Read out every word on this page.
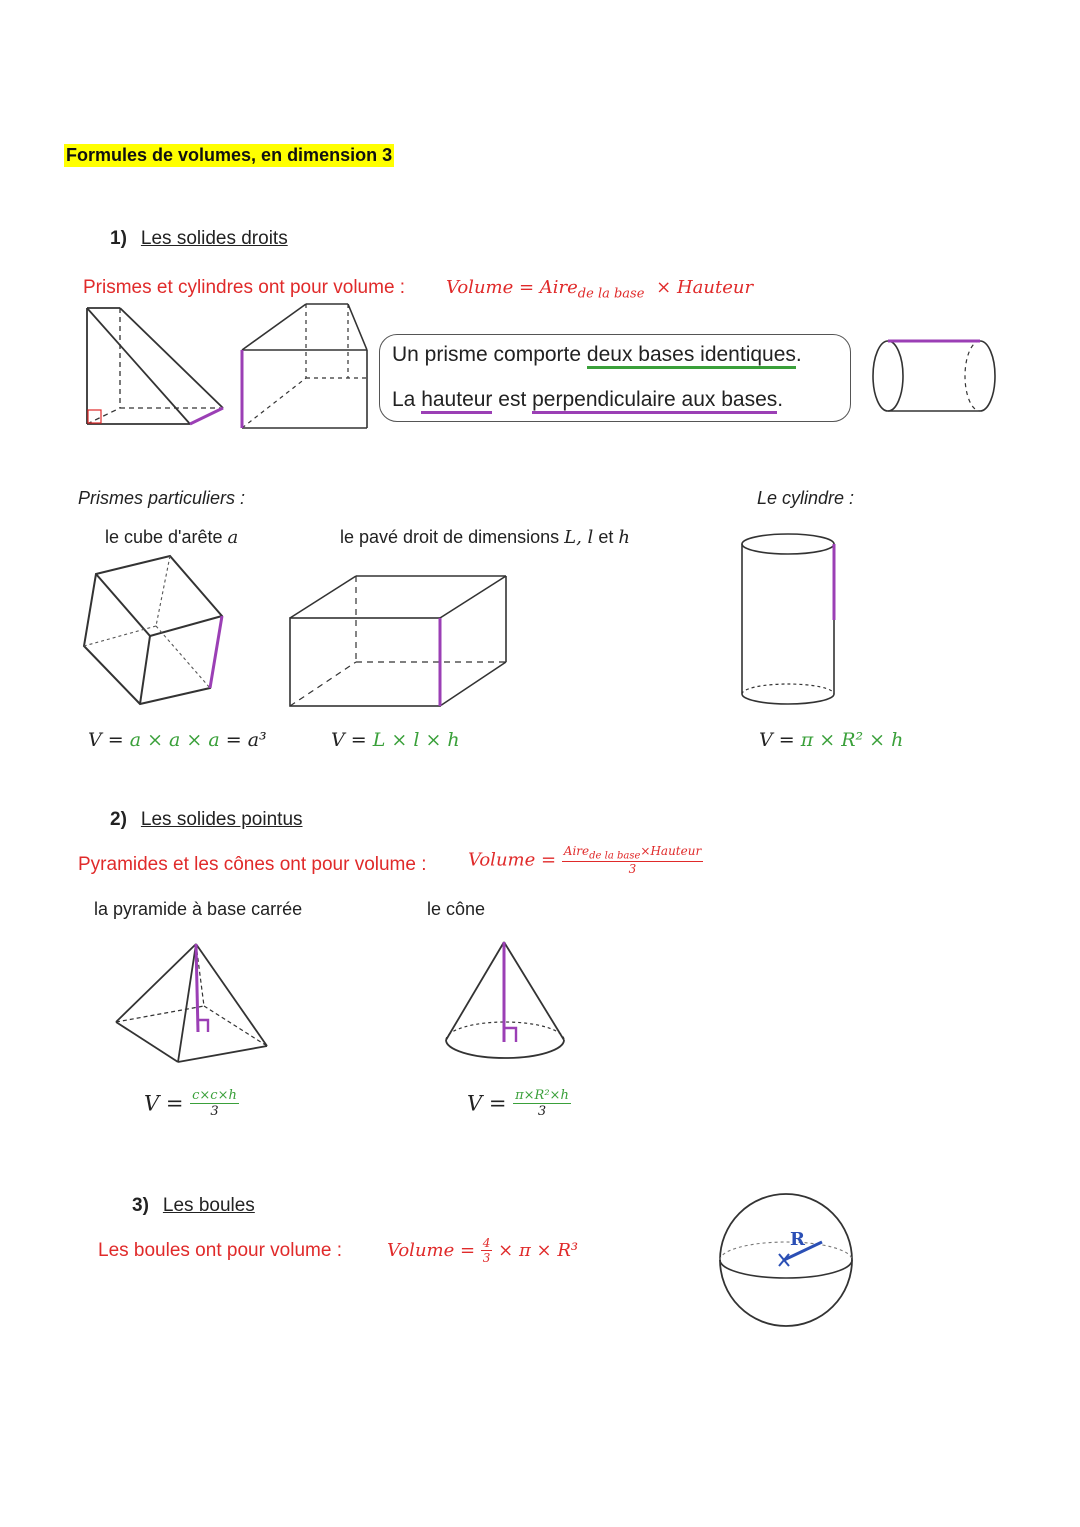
Formules de volumes, en dimension 3
1) Les solides droits
Prismes et cylindres ont pour volume : Volume = Aire$_{de la base}$ × Hauteur
Un prisme comporte deux bases identiques.
La hauteur est perpendiculaire aux bases.
Prismes particuliers :	Le cylindre :
le cube d'arête a	le pavé droit de dimensions L, l et h
V = a × a × a = a³	V = L × l × h	V = π × R² × h
2) Les solides pointus
Pyramides et les cônes ont pour volume : Volume = $\frac{Aire_{de la base}\times Hauteur}{3}$
la pyramide à base carrée	le cône
$V = \frac{c\times c\times h}{3}$	$V = \frac{\text{π×R²×h}}{3}$
3) Les boules
Les boules ont pour volume :	Volume = $\frac{4}{3} \times \pi \times R^3$
R
